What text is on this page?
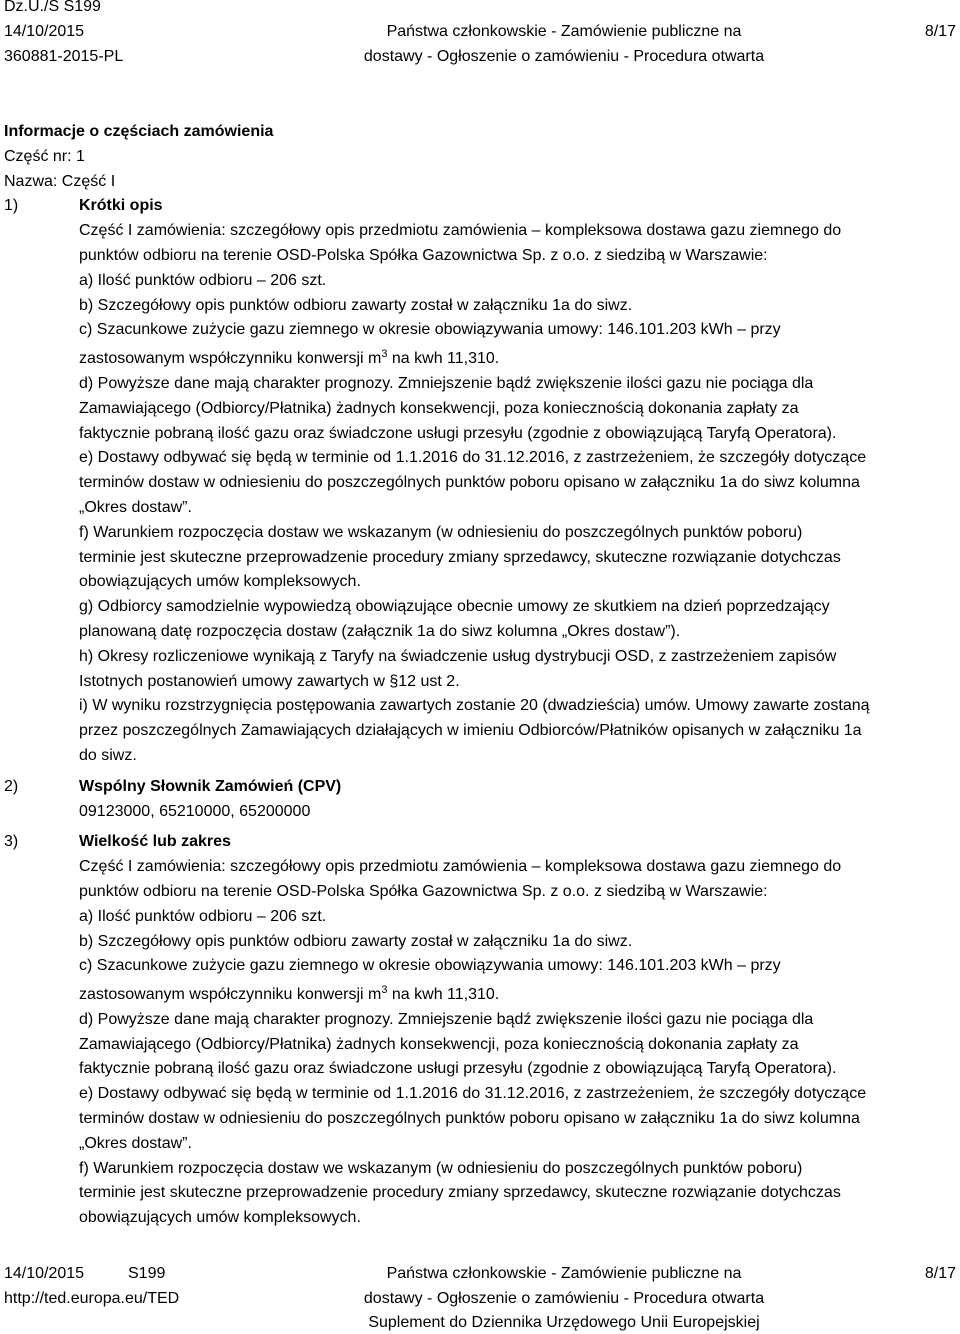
Dz.U./S S199
14/10/2015
360881-2015-PL
Państwa członkowskie - Zamówienie publiczne na
dostawy - Ogłoszenie o zamówieniu - Procedura otwarta
8/17
Informacje o częściach zamówienia
Część nr: 1
Nazwa: Część I
1)	Krótki opis
Część I zamówienia: szczegółowy opis przedmiotu zamówienia – kompleksowa dostawa gazu ziemnego do
punktów odbioru na terenie OSD-Polska Spółka Gazownictwa Sp. z o.o. z siedzibą w Warszawie:
a) Ilość punktów odbioru – 206 szt.
b) Szczegółowy opis punktów odbioru zawarty został w załączniku 1a do siwz.
c) Szacunkowe zużycie gazu ziemnego w okresie obowiązywania umowy: 146.101.203 kWh – przy
zastosowanym współczynniku konwersji $m^3$ na kwh 11,310.
d) Powyższe dane mają charakter prognozy. Zmniejszenie bądź zwiększenie ilości gazu nie pociąga dla
Zamawiającego (Odbiorcy/Płatnika) żadnych konsekwencji, poza koniecznością dokonania zapłaty za
faktycznie pobraną ilość gazu oraz świadczone usługi przesyłu (zgodnie z obowiązującą Taryfą Operatora).
e) Dostawy odbywać się będą w terminie od 1.1.2016 do 31.12.2016, z zastrzeżeniem, że szczegóły dotyczące
terminów dostaw w odniesieniu do poszczególnych punktów poboru opisano w załączniku 1a do siwz kolumna
„Okres dostaw”.
f) Warunkiem rozpoczęcia dostaw we wskazanym (w odniesieniu do poszczególnych punktów poboru)
terminie jest skuteczne przeprowadzenie procedury zmiany sprzedawcy, skuteczne rozwiązanie dotychczas
obowiązujących umów kompleksowych.
g) Odbiorcy samodzielnie wypowiedzą obowiązujące obecnie umowy ze skutkiem na dzień poprzedzający
planowaną datę rozpoczęcia dostaw (załącznik 1a do siwz kolumna „Okres dostaw”).
h) Okresy rozliczeniowe wynikają z Taryfy na świadczenie usług dystrybucji OSD, z zastrzeżeniem zapisów
Istotnych postanowień umowy zawartych w §12 ust 2.
i) W wyniku rozstrzygnięcia postępowania zawartych zostanie 20 (dwadzieścia) umów. Umowy zawarte zostaną
przez poszczególnych Zamawiających działających w imieniu Odbiorców/Płatników opisanych w załączniku 1a
do siwz.
2)	Wspólny Słownik Zamówień (CPV)
09123000, 65210000, 65200000
3)	Wielkość lub zakres
Część I zamówienia: szczegółowy opis przedmiotu zamówienia – kompleksowa dostawa gazu ziemnego do
punktów odbioru na terenie OSD-Polska Spółka Gazownictwa Sp. z o.o. z siedzibą w Warszawie:
a) Ilość punktów odbioru – 206 szt.
b) Szczegółowy opis punktów odbioru zawarty został w załączniku 1a do siwz.
c) Szacunkowe zużycie gazu ziemnego w okresie obowiązywania umowy: 146.101.203 kWh – przy
zastosowanym współczynniku konwersji $m^3$ na kwh 11,310.
d) Powyższe dane mają charakter prognozy. Zmniejszenie bądź zwiększenie ilości gazu nie pociąga dla
Zamawiającego (Odbiorcy/Płatnika) żadnych konsekwencji, poza koniecznością dokonania zapłaty za
faktycznie pobraną ilość gazu oraz świadczone usługi przesyłu (zgodnie z obowiązującą Taryfą Operatora).
e) Dostawy odbywać się będą w terminie od 1.1.2016 do 31.12.2016, z zastrzeżeniem, że szczegóły dotyczące
terminów dostaw w odniesieniu do poszczególnych punktów poboru opisano w załączniku 1a do siwz kolumna
„Okres dostaw”.
f) Warunkiem rozpoczęcia dostaw we wskazanym (w odniesieniu do poszczególnych punktów poboru)
terminie jest skuteczne przeprowadzenie procedury zmiany sprzedawcy, skuteczne rozwiązanie dotychczas
obowiązujących umów kompleksowych.
14/10/2015	S199
http://ted.europa.eu/TED
Państwa członkowskie - Zamówienie publiczne na
dostawy - Ogłoszenie o zamówieniu - Procedura otwarta
Suplement do Dziennika Urzędowego Unii Europejskiej
8/17
